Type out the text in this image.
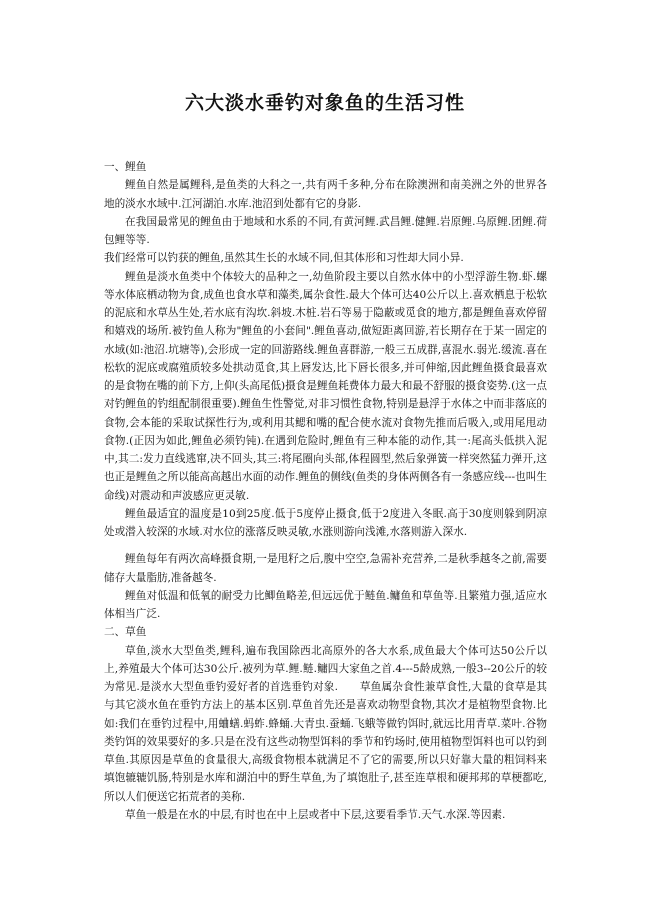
六大淡水垂钓对象鱼的生活习性

一、鲤鱼

鲤鱼自然是属鲤科,是鱼类的大科之一,共有两千多种,分布在除澳洲和南美洲之外的世界各地的淡水水域中.江河湖泊.水库.池沼到处都有它的身影.

在我国最常见的鲤鱼由于地域和水系的不同,有黄河鲤.武昌鲤.健鲤.岩原鲤.乌原鲤.团鲤.荷包鲤等等.

我们经常可以钓获的鲤鱼,虽然其生长的水域不同,但其体形和习性却大同小异.

鲤鱼是淡水鱼类中个体较大的品种之一,幼鱼阶段主要以自然水体中的小型浮游生物.虾.螺等水体底栖动物为食,成鱼也食水草和藻类,属杂食性.最大个体可达40公斤以上.喜欢栖息于松软的泥底和水草丛生处,若水底有沟坎.斜坡.木桩.岩石等易于隐蔽或觅食的地方,都是鲤鱼喜欢停留和嬉戏的场所.被钓鱼人称为"鲤鱼的小套间".鲤鱼喜动,做短距离回游,若长期存在于某一固定的水域(如:池沼.坑塘等),会形成一定的回游路线.鲤鱼喜群游,一般三五成群,喜混水.弱光.缓流.喜在松软的泥底或腐殖质较多处拱动觅食,其上唇发达,比下唇长很多,并可伸缩,因此鲤鱼摄食最喜欢的是食物在嘴的前下方,上仰(头高尾低)摄食是鲤鱼耗费体力最大和最不舒服的摄食姿势.(这一点对钓鲤鱼的钓组配制很重要).鲤鱼生性警觉,对非习惯性食物,特别是悬浮于水体之中而非落底的食物,会本能的采取试探性行为,或利用其鳃和嘴的配合使水流对食物先推而后吸入,或用尾甩动食物.(正因为如此,鲤鱼必须钓钝).在遇到危险时,鲤鱼有三种本能的动作,其一:尾高头低拱入泥中,其二:发力直线逃窜,决不回头,其三:将尾圈向头部,体程圆型,然后象弹簧一样突然猛力弹开,这也正是鲤鱼之所以能高高越出水面的动作.鲤鱼的侧线(鱼类的身体两侧各有一条感应线---也叫生命线)对震动和声波感应更灵敏.

鲤鱼最适宜的温度是10到25度.低于5度停止摄食,低于2度进入冬眠.高于30度则躲到阴凉处或潜入较深的水域.对水位的涨落反映灵敏,水涨则游向浅滩,水落则游入深水.

鲤鱼每年有两次高峰摄食期,一是甩籽之后,腹中空空,急需补充营养,二是秋季越冬之前,需要储存大量脂肪,准备越冬.

鲤鱼对低温和低氧的耐受力比鲫鱼略差,但远远优于鲢鱼.鳙鱼和草鱼等.且繁殖力强,适应水体相当广泛.

二、草鱼

草鱼,淡水大型鱼类,鲤科,遍布我国除西北高原外的各大水系,成鱼最大个体可达50公斤以上,养殖最大个体可达30公斤.被列为草.鲤.鲢.鳙四大家鱼之首.4---5龄成熟,一般3--20公斤的较为常见.是淡水大型鱼垂钓爱好者的首选垂钓对象.　　草鱼属杂食性兼草食性,大量的食草是其与其它淡水鱼在垂钓方法上的基本区别.草鱼首先还是喜欢动物型食物,其次才是植物型食物.比如:我们在垂钓过程中,用蛐蟮.蚂蚱.蜂蛹.大青虫.蚕蛹.飞蛾等做钓饵时,就远比用青草.菜叶.谷物类钓饵的效果要好的多.只是在没有这些动物型饵料的季节和钓场时,使用植物型饵料也可以钓到草鱼.其原因是草鱼的食量很大,高级食物根本就满足不了它的需要,所以只好靠大量的粗饲料来填饱辘辘饥肠,特别是水库和湖泊中的野生草鱼,为了填饱肚子,甚至连草根和硬邦邦的草梗都吃,所以人们便送它拓荒者的美称.

草鱼一般是在水的中层,有时也在中上层或者中下层,这要看季节.天气.水深.等因素.
